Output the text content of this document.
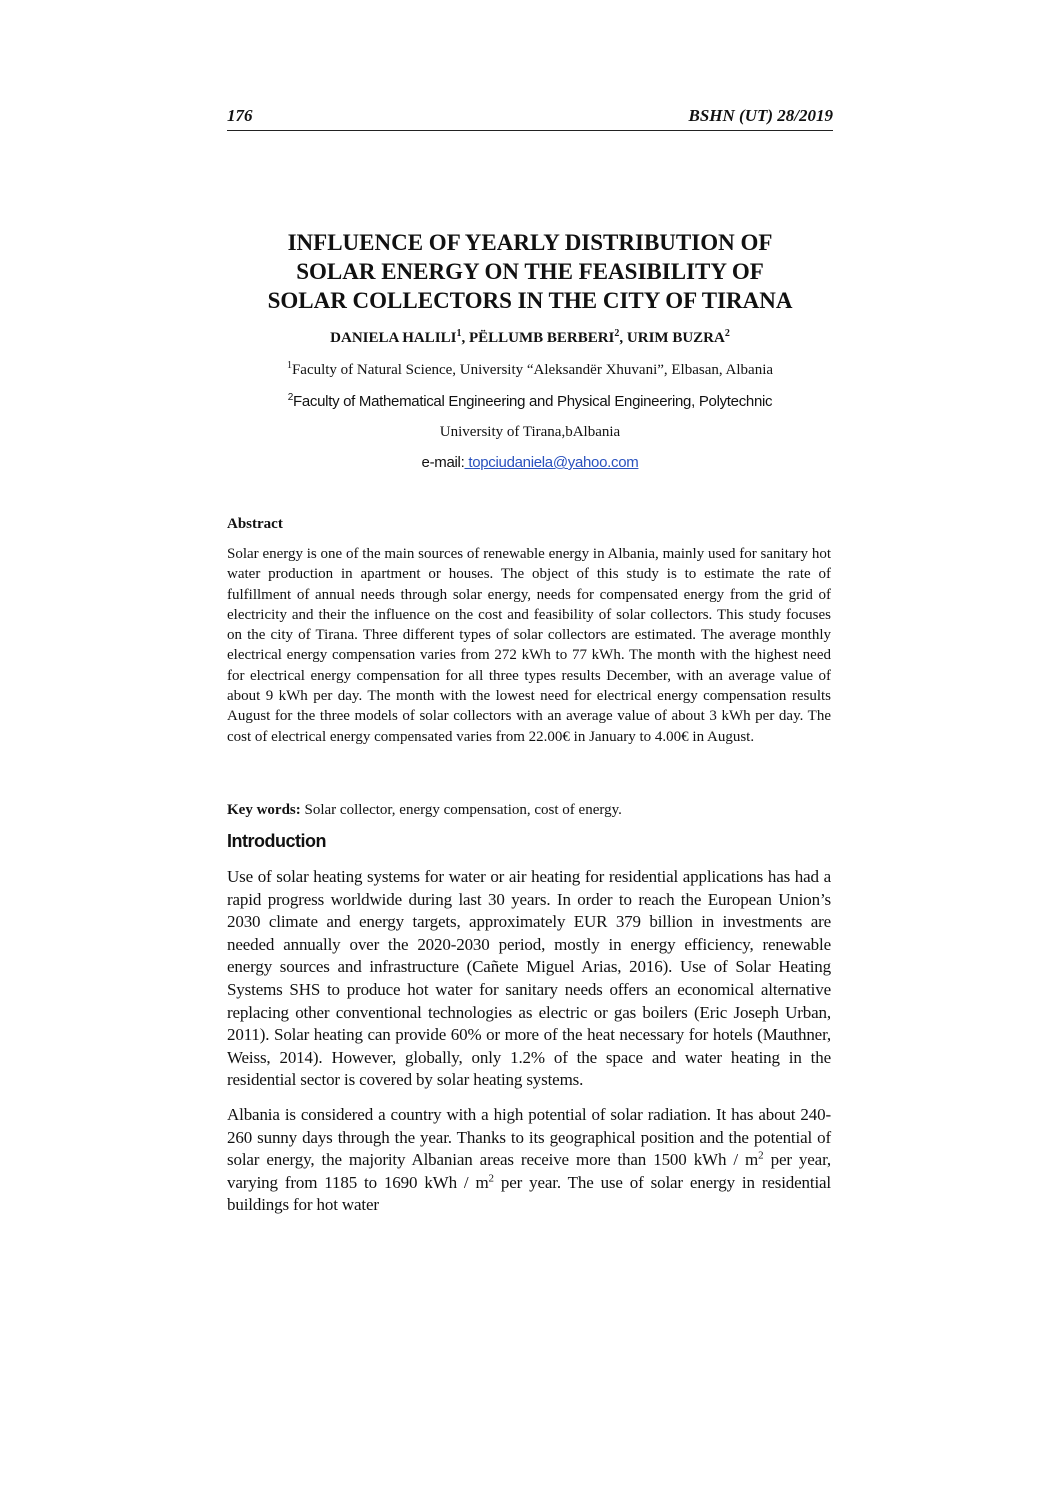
176	BSHN (UT) 28/2019
INFLUENCE OF YEARLY DISTRIBUTION OF
SOLAR ENERGY ON THE FEASIBILITY OF
SOLAR COLLECTORS IN THE CITY OF TIRANA
DANIELA HALILI$^1$, PËLLUMB BERBERI$^2$, URIM BUZRA$^2$
$^1$Faculty of Natural Science, University “Aleksandër Xhuvani”, Elbasan, Albania
$^2$Faculty of Mathematical Engineering and Physical Engineering, Polytechnic
University of Tirana,bAlbania
e-mail: topciudaniela@yahoo.com
Abstract
Solar energy is one of the main sources of renewable energy in Albania, mainly used for sanitary hot water production in apartment or houses. The object of this study is to estimate the rate of fulfillment of annual needs through solar energy, needs for compensated energy from the grid of electricity and their the influence on the cost and feasibility of solar collectors. This study focuses on the city of Tirana. Three different types of solar collectors are estimated. The average monthly electrical energy compensation varies from 272 kWh to 77 kWh. The month with the highest need for electrical energy compensation for all three types results December, with an average value of about 9 kWh per day. The month with the lowest need for electrical energy compensation results August for the three models of solar collectors with an average value of about 3 kWh per day. The cost of electrical energy compensated varies from 22.00€ in January to 4.00€ in August.
Key words: Solar collector, energy compensation, cost of energy.
Introduction

Use of solar heating systems for water or air heating for residential applications has had a rapid progress worldwide during last 30 years. In order to reach the European Union’s 2030 climate and energy targets, approximately EUR 379 billion in investments are needed annually over the 2020-2030 period, mostly in energy efficiency, renewable energy sources and infrastructure (Cañete Miguel Arias, 2016). Use of Solar Heating Systems SHS to produce hot water for sanitary needs offers an economical alternative replacing other conventional technologies as electric or gas boilers (Eric Joseph Urban, 2011). Solar heating can provide 60% or more of the heat necessary for hotels (Mauthner, Weiss, 2014). However, globally, only 1.2% of the space and water heating in the residential sector is covered by solar heating systems.

Albania is considered a country with a high potential of solar radiation. It has about 240-260 sunny days through the year. Thanks to its geographical position and the potential of solar energy, the majority Albanian areas receive more than 1500 kWh / $m^2$ per year, varying from 1185 to 1690 kWh / $m^2$ per year. The use of solar energy in residential buildings for hot water
